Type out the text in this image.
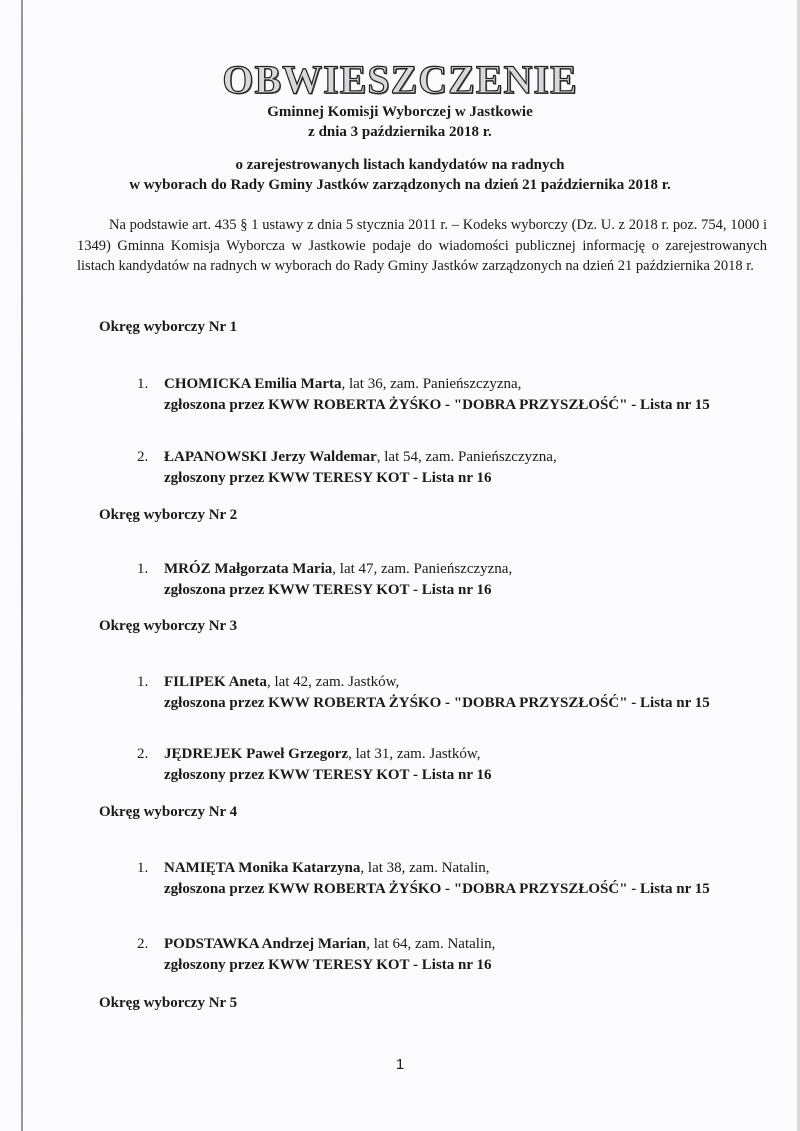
OBWIESZCZENIE
Gminnej Komisji Wyborczej w Jastkowie
z dnia 3 października 2018 r.
o zarejestrowanych listach kandydatów na radnych
w wyborach do Rady Gminy Jastków zarządzonych na dzień 21 października 2018 r.
Na podstawie art. 435 § 1 ustawy z dnia 5 stycznia 2011 r. – Kodeks wyborczy (Dz. U. z 2018 r. poz. 754, 1000 i 1349) Gminna Komisja Wyborcza w Jastkowie podaje do wiadomości publicznej informację o zarejestrowanych listach kandydatów na radnych w wyborach do Rady Gminy Jastków zarządzonych na dzień 21 października 2018 r.
Okręg wyborczy Nr 1
1. CHOMICKA Emilia Marta, lat 36, zam. Panieńszczyzna,
zgłoszona przez KWW ROBERTA ŻYŚKO - "DOBRA PRZYSZŁOŚĆ" - Lista nr 15
2. ŁAPANOWSKI Jerzy Waldemar, lat 54, zam. Panieńszczyzna,
zgłoszony przez KWW TERESY KOT - Lista nr 16
Okręg wyborczy Nr 2
1. MRÓZ Małgorzata Maria, lat 47, zam. Panieńszczyzna,
zgłoszona przez KWW TERESY KOT - Lista nr 16
Okręg wyborczy Nr 3
1. FILIPEK Aneta, lat 42, zam. Jastków,
zgłoszona przez KWW ROBERTA ŻYŚKO - "DOBRA PRZYSZŁOŚĆ" - Lista nr 15
2. JĘDREJEK Paweł Grzegorz, lat 31, zam. Jastków,
zgłoszony przez KWW TERESY KOT - Lista nr 16
Okręg wyborczy Nr 4
1. NAMIĘTA Monika Katarzyna, lat 38, zam. Natalin,
zgłoszona przez KWW ROBERTA ŻYŚKO - "DOBRA PRZYSZŁOŚĆ" - Lista nr 15
2. PODSTAWKA Andrzej Marian, lat 64, zam. Natalin,
zgłoszony przez KWW TERESY KOT - Lista nr 16
Okręg wyborczy Nr 5
1
